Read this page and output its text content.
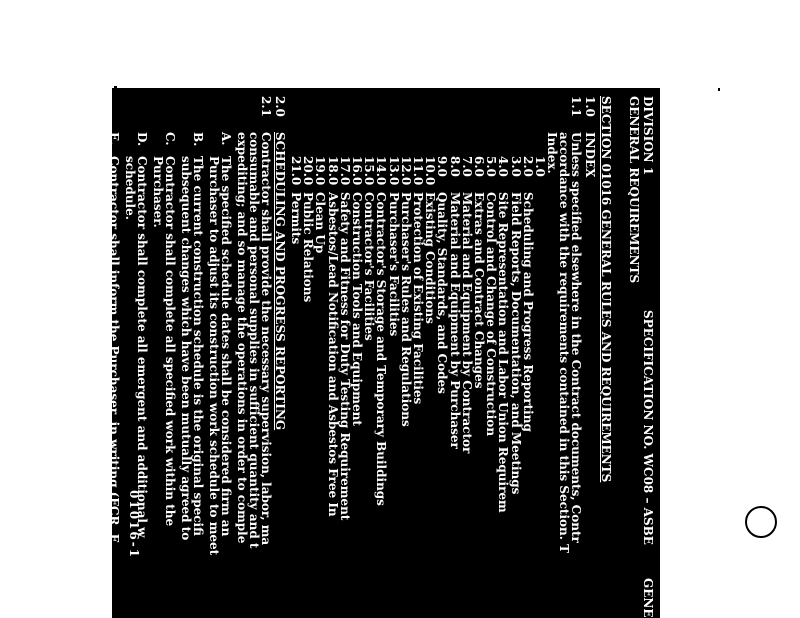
DIVISION 1
GENERAL REQUIREMENTS
SPECIFICATION NO. WC08 – ASBE
GENE
SECTION 01016 GENERAL RULES AND REQUIREMENTS
1.0
INDEX
1.1
Unless specified elsewhere in the Contract documents, Contr
accordance with the requirements contained in this Section. T
Index.
2.0
SCHEDULING AND PROGRESS REPORTING
2.1
Contractor shall provide the necessary supervision, labor, ma
consumable and personal supplies in sufficient quantity and t
expediting; and so manage the operations in order to comple
A.
The specified schedule dates shall be considered firm an
Purchaser to adjust its construction work schedule to meet
B.
The current construction schedule is the original specifi
subsequent changes which have been mutually agreed to
C.
Contractor shall complete all specified work within the
Purchaser.
D.
Contractor shall complete all emergent and additional w
schedule.
E.
Contractor shall inform the Purchaser, in writing (FCR, F 01016-1
1.0
2.0
Scheduling and Progress Reporting
3.0
Field Reports, Documentation, and Meetings
4.0
Site Representation and Labor Union Requirem
5.0
Control and Change of Construction
6.0
Extras and Contract Changes
7.0
Material and Equipment by Contractor
8.0
Material and Equipment by Purchaser
9.0
Quality, Standards, and Codes
10.0
Existing Conditions
11.0
Protection of Existing Facilities
12.0
Purchaser's Rules and Regulations
13.0
Purchaser's Facilities
14.0
Contractor's Storage and Temporary Buildings
15.0
Contractor's Facilities
16.0
Construction Tools and Equipment
17.0
Safety and Fitness for Duty Testing Requirement
18.0
Asbestos/Lead Notification and Asbestos Free In
19.0
Clean Up
20.0
Public Relations
21.0
Permits
